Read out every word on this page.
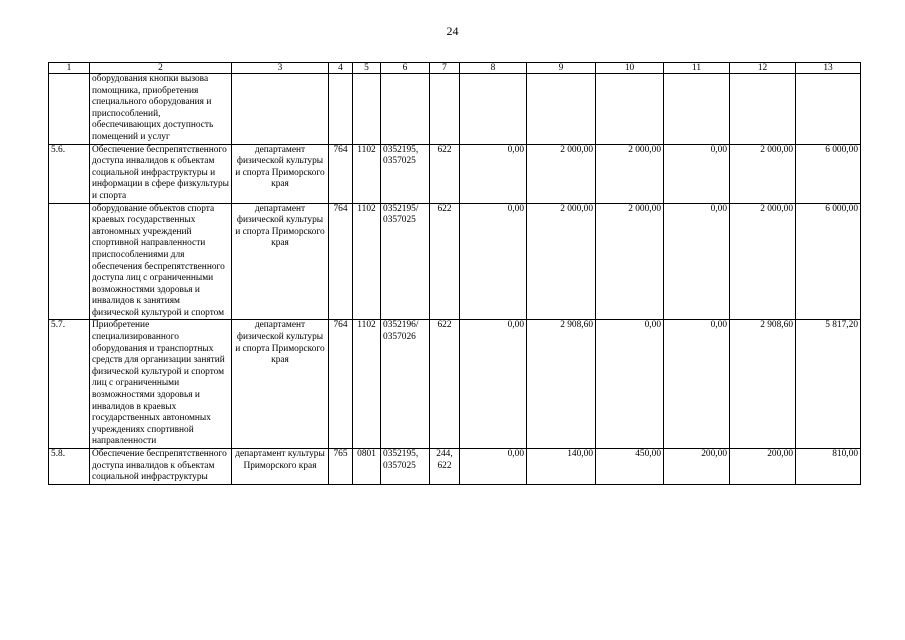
24
1	2	3	4	5	6	7	8	9	10	11	12	13
	оборудования кнопки вызова помощника, приобретения специального оборудования и приспособлений, обеспечивающих доступность помещений и услуг											
5.6.	Обеспечение беспрепятственного доступа инвалидов к объектам социальной инфраструктуры и информации в сфере физкультуры и спорта	департамент физической культуры и спорта Приморского края	764	1102	0352195, 0357025	622	0,00	2 000,00	2 000,00	0,00	2 000,00	6 000,00
	оборудование объектов спорта краевых государственных автономных учреждений спортивной направленности приспособлениями для обеспечения беспрепятственного доступа лиц с ограниченными возможностями здоровья и инвалидов к занятиям физической культурой и спортом	департамент физической культуры и спорта Приморского края	764	1102	0352195/ 0357025	622	0,00	2 000,00	2 000,00	0,00	2 000,00	6 000,00
5.7.	Приобретение специализированного оборудования и транспортных средств для организации занятий физической культурой и спортом лиц с ограниченными возможностями здоровья и инвалидов в краевых государственных автономных учреждениях спортивной направленности	департамент физической культуры и спорта Приморского края	764	1102	0352196/ 0357026	622	0,00	2 908,60	0,00	0,00	2 908,60	5 817,20
5.8.	Обеспечение беспрепятственного доступа инвалидов к объектам социальной инфраструктуры	департамент культуры Приморского края	765	0801	0352195, 0357025	244, 622	0,00	140,00	450,00	200,00	200,00	810,00
